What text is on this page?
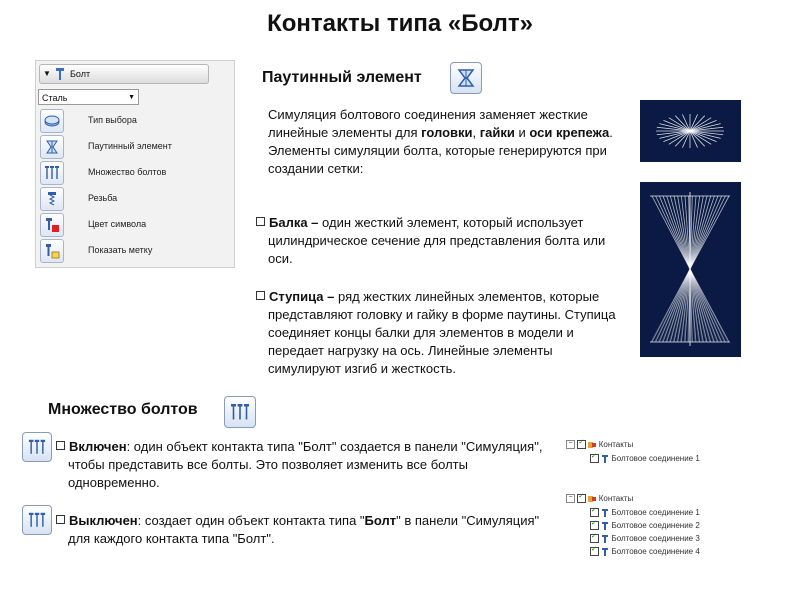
Контакты типа «Болт»
▼ Болт
Сталь	▼
Тип выбора
Паутинный элемент
Множество болтов
Резьба
Цвет символа
Показать метку
Паутинный элемент
Симуляция болтового соединения заменяет жесткие линейные элементы для головки, гайки и оси крепежа. Элементы симуляции болта, которые генерируются при создании сетки:
Балка – один жесткий элемент, который использует цилиндрическое сечение для представления болта или оси.
Ступица – ряд жестких линейных элементов, которые представляют головку и гайку в форме паутины. Ступица соединяет концы балки для элементов в модели и передает нагрузку на ось. Линейные элементы симулируют изгиб и жесткость.
Множество болтов
Включен: один объект контакта типа "Болт" создается в панели "Симуляция", чтобы представить все болты. Это позволяет изменить все болты одновременно.
Выключен: создает один объект контакта типа "Болт" в панели "Симуляция" для каждого контакта типа "Болт".
− ✓	Контакты
✓  Болтовое соединение 1
− ✓	Контакты
✓  Болтовое соединение 1
✓  Болтовое соединение 2
✓  Болтовое соединение 3
✓  Болтовое соединение 4
